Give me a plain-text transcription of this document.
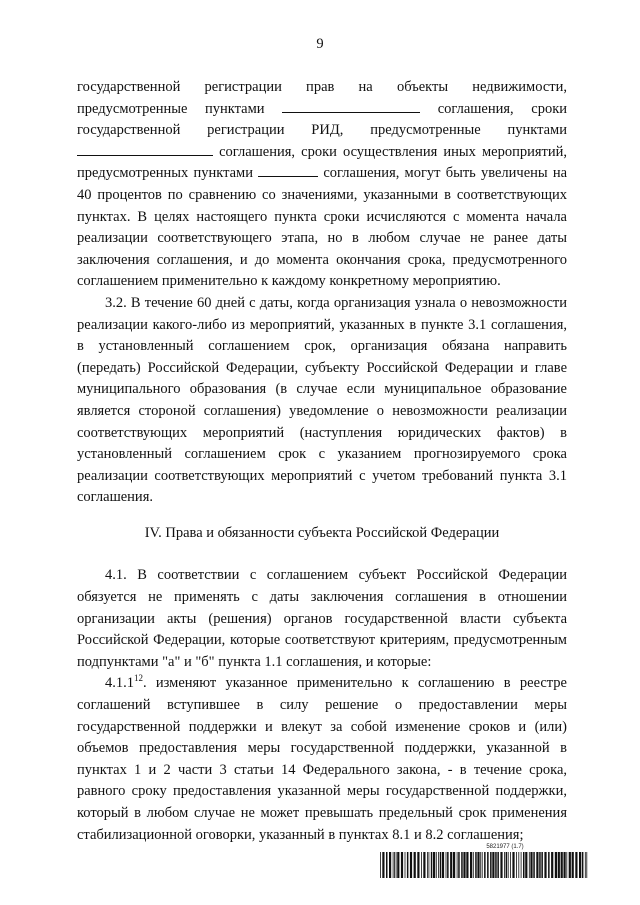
9

государственной регистрации прав на объекты недвижимости, предусмотренные пунктами	соглашения, сроки государственной регистрации РИД, предусмотренные пунктами  соглашения, сроки осуществления иных мероприятий, предусмотренных пунктами	соглашения, могут быть увеличены на 40 процентов по сравнению со значениями, указанными в соответствующих пунктах. В целях настоящего пункта сроки исчисляются с момента начала реализации соответствующего этапа, но в любом случае не ранее даты заключения соглашения, и до момента окончания срока, предусмотренного соглашением применительно к каждому конкретному мероприятию.

3.2. В течение 60 дней с даты, когда организация узнала о невозможности реализации какого-либо из мероприятий, указанных в пункте 3.1 соглашения, в установленный соглашением срок, организация обязана направить (передать) Российской Федерации, субъекту Российской Федерации и главе муниципального образования (в случае если муниципальное образование является стороной соглашения) уведомление о невозможности реализации соответствующих мероприятий (наступления юридических фактов) в установленный соглашением срок с указанием прогнозируемого срока реализации соответствующих мероприятий с учетом требований пункта 3.1 соглашения.

IV. Права и обязанности субъекта Российской Федерации

4.1. В соответствии с соглашением субъект Российской Федерации обязуется не применять с даты заключения соглашения в отношении организации акты (решения) органов государственной власти субъекта Российской Федерации, которые соответствуют критериям, предусмотренным подпунктами "а" и "б" пункта 1.1 соглашения, и которые:

4.1.1$^{12}$. изменяют указанное применительно к соглашению в реестре соглашений вступившее в силу решение о предоставлении меры государственной поддержки и влекут за собой изменение сроков и (или) объемов предоставления меры государственной поддержки, указанной в пунктах 1 и 2 части 3 статьи 14 Федерального закона, - в течение срока, равного сроку предоставления указанной меры государственной поддержки, который в любом случае не может превышать предельный срок применения стабилизационной оговорки, указанный в пунктах 8.1 и 8.2 соглашения;

5821977 (1.7)
